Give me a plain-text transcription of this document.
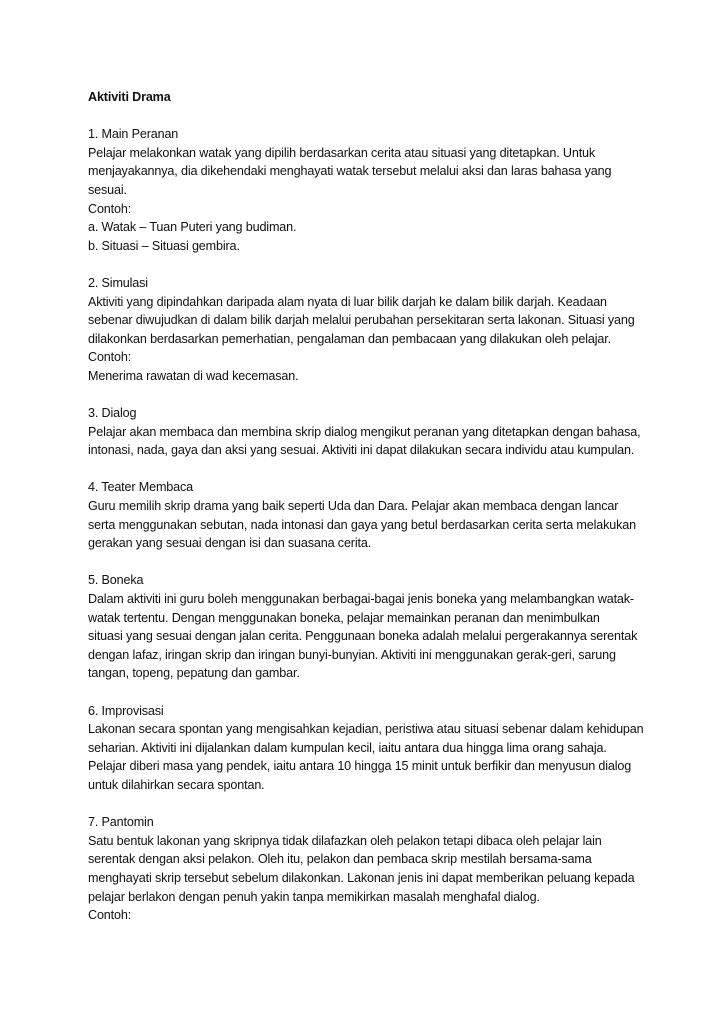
Aktiviti Drama

1. Main Peranan
Pelajar melakonkan watak yang dipilih berdasarkan cerita atau situasi yang ditetapkan. Untuk
menjayakannya, dia dikehendaki menghayati watak tersebut melalui aksi dan laras bahasa yang
sesuai.
Contoh:
a. Watak – Tuan Puteri yang budiman.
b. Situasi – Situasi gembira.
2. Simulasi
Aktiviti yang dipindahkan daripada alam nyata di luar bilik darjah ke dalam bilik darjah. Keadaan
sebenar diwujudkan di dalam bilik darjah melalui perubahan persekitaran serta lakonan. Situasi yang
dilakonkan berdasarkan pemerhatian, pengalaman dan pembacaan yang dilakukan oleh pelajar.
Contoh:
Menerima rawatan di wad kecemasan.
3. Dialog
Pelajar akan membaca dan membina skrip dialog mengikut peranan yang ditetapkan dengan bahasa,
intonasi, nada, gaya dan aksi yang sesuai. Aktiviti ini dapat dilakukan secara individu atau kumpulan.
4. Teater Membaca
Guru memilih skrip drama yang baik seperti Uda dan Dara. Pelajar akan membaca dengan lancar
serta menggunakan sebutan, nada intonasi dan gaya yang betul berdasarkan cerita serta melakukan
gerakan yang sesuai dengan isi dan suasana cerita.
5. Boneka
Dalam aktiviti ini guru boleh menggunakan berbagai-bagai jenis boneka yang melambangkan watak-
watak tertentu. Dengan menggunakan boneka, pelajar memainkan peranan dan menimbulkan
situasi yang sesuai dengan jalan cerita. Penggunaan boneka adalah melalui pergerakannya serentak
dengan lafaz, iringan skrip dan iringan bunyi-bunyian. Aktiviti ini menggunakan gerak-geri, sarung
tangan, topeng, pepatung dan gambar.
6. Improvisasi
Lakonan secara spontan yang mengisahkan kejadian, peristiwa atau situasi sebenar dalam kehidupan
seharian. Aktiviti ini dijalankan dalam kumpulan kecil, iaitu antara dua hingga lima orang sahaja.
Pelajar diberi masa yang pendek, iaitu antara 10 hingga 15 minit untuk berfikir dan menyusun dialog
untuk dilahirkan secara spontan.
7. Pantomin
Satu bentuk lakonan yang skripnya tidak dilafazkan oleh pelakon tetapi dibaca oleh pelajar lain
serentak dengan aksi pelakon. Oleh itu, pelakon dan pembaca skrip mestilah bersama-sama
menghayati skrip tersebut sebelum dilakonkan. Lakonan jenis ini dapat memberikan peluang kepada
pelajar berlakon dengan penuh yakin tanpa memikirkan masalah menghafal dialog.
Contoh:
